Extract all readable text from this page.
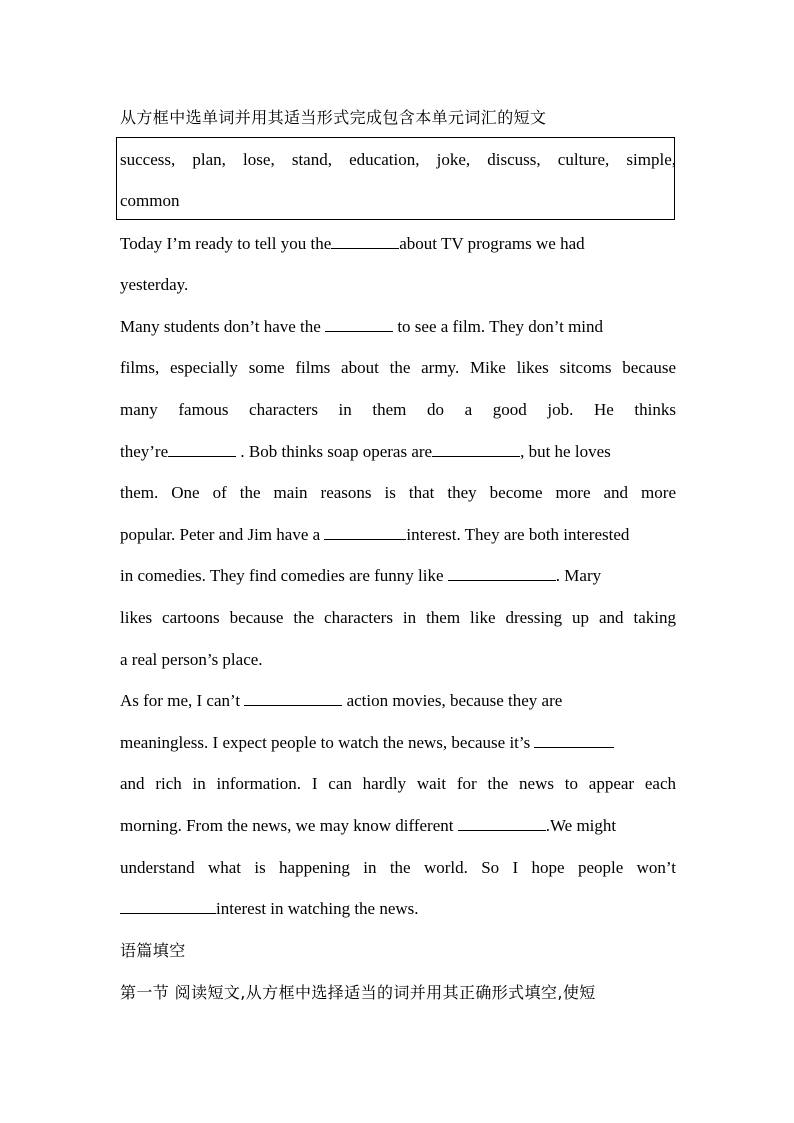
从方框中选单词并用其适当形式完成包含本单元词汇的短文
success, plan, lose, stand, education, joke, discuss, culture, simple,
common
Today I’m ready to tell you the	about TV programs we had
yesterday.
Many students don’t have the	to see a film. They don’t mind
films, especially some films about the army. Mike likes sitcoms because
many famous characters in them do a good job. He thinks
they’re	. Bob thinks soap operas are	, but he loves
them. One of the main reasons is that they become more and more
popular. Peter and Jim have a	interest. They are both interested
in comedies. They find comedies are funny like	. Mary
likes cartoons because the characters in them like dressing up and taking
a real person’s place.
As for me, I can’t	action movies, because they are
meaningless. I expect people to watch the news, because it’s
and rich in information. I can hardly wait for the news to appear each
morning. From the news, we may know different	.We might
understand what is happening in the world. So I hope people won’t
interest in watching the news.
语篇填空
第一节 阅读短文,从方框中选择适当的词并用其正确形式填空,使短
